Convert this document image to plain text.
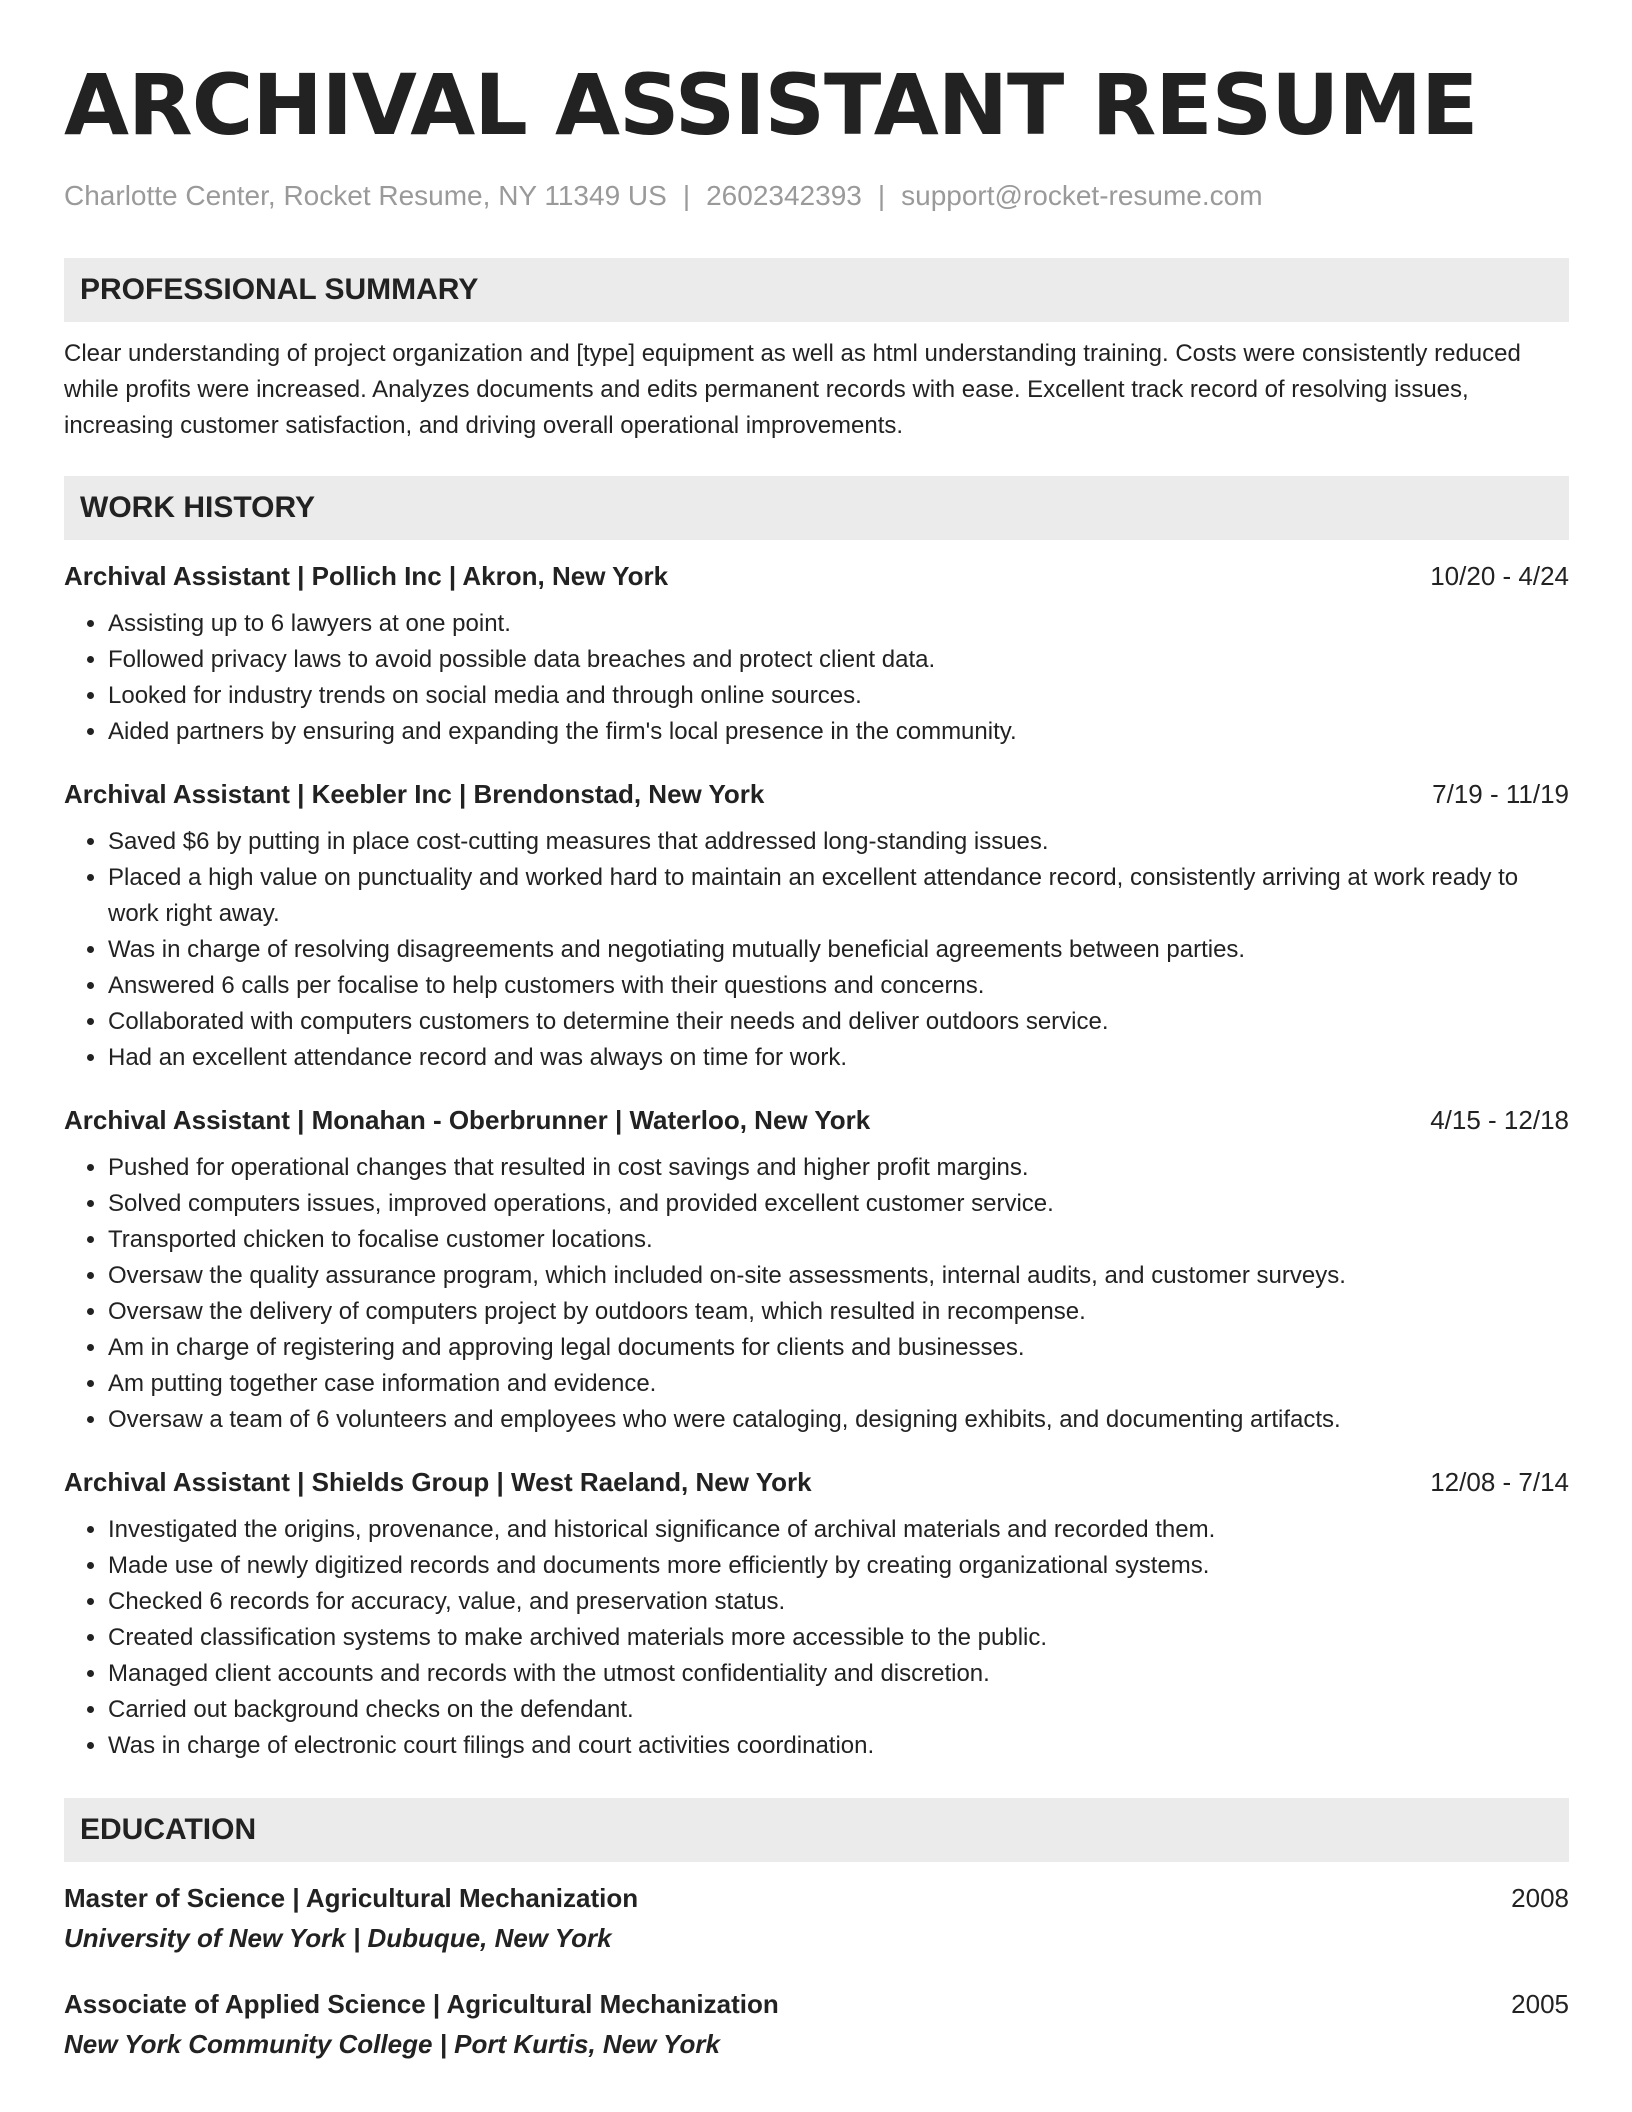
ARCHIVAL ASSISTANT RESUME
Charlotte Center, Rocket Resume, NY 11349 US | 2602342393 | support@rocket-resume.com
PROFESSIONAL SUMMARY
Clear understanding of project organization and [type] equipment as well as html understanding training. Costs were consistently reduced while profits were increased. Analyzes documents and edits permanent records with ease. Excellent track record of resolving issues, increasing customer satisfaction, and driving overall operational improvements.
WORK HISTORY
Archival Assistant | Pollich Inc | Akron, New York	10/20 - 4/24
• Assisting up to 6 lawyers at one point.
• Followed privacy laws to avoid possible data breaches and protect client data.
• Looked for industry trends on social media and through online sources.
• Aided partners by ensuring and expanding the firm's local presence in the community.
Archival Assistant | Keebler Inc | Brendonstad, New York	7/19 - 11/19
• Saved $6 by putting in place cost-cutting measures that addressed long-standing issues.
• Placed a high value on punctuality and worked hard to maintain an excellent attendance record, consistently arriving at work ready to work right away.
• Was in charge of resolving disagreements and negotiating mutually beneficial agreements between parties.
• Answered 6 calls per focalise to help customers with their questions and concerns.
• Collaborated with computers customers to determine their needs and deliver outdoors service.
• Had an excellent attendance record and was always on time for work.
Archival Assistant | Monahan - Oberbrunner | Waterloo, New York	4/15 - 12/18
• Pushed for operational changes that resulted in cost savings and higher profit margins.
• Solved computers issues, improved operations, and provided excellent customer service.
• Transported chicken to focalise customer locations.
• Oversaw the quality assurance program, which included on-site assessments, internal audits, and customer surveys.
• Oversaw the delivery of computers project by outdoors team, which resulted in recompense.
• Am in charge of registering and approving legal documents for clients and businesses.
• Am putting together case information and evidence.
• Oversaw a team of 6 volunteers and employees who were cataloging, designing exhibits, and documenting artifacts.
Archival Assistant | Shields Group | West Raeland, New York	12/08 - 7/14
• Investigated the origins, provenance, and historical significance of archival materials and recorded them.
• Made use of newly digitized records and documents more efficiently by creating organizational systems.
• Checked 6 records for accuracy, value, and preservation status.
• Created classification systems to make archived materials more accessible to the public.
• Managed client accounts and records with the utmost confidentiality and discretion.
• Carried out background checks on the defendant.
• Was in charge of electronic court filings and court activities coordination.
EDUCATION
Master of Science | Agricultural Mechanization	2008
University of New York | Dubuque, New York
Associate of Applied Science | Agricultural Mechanization	2005
New York Community College | Port Kurtis, New York
